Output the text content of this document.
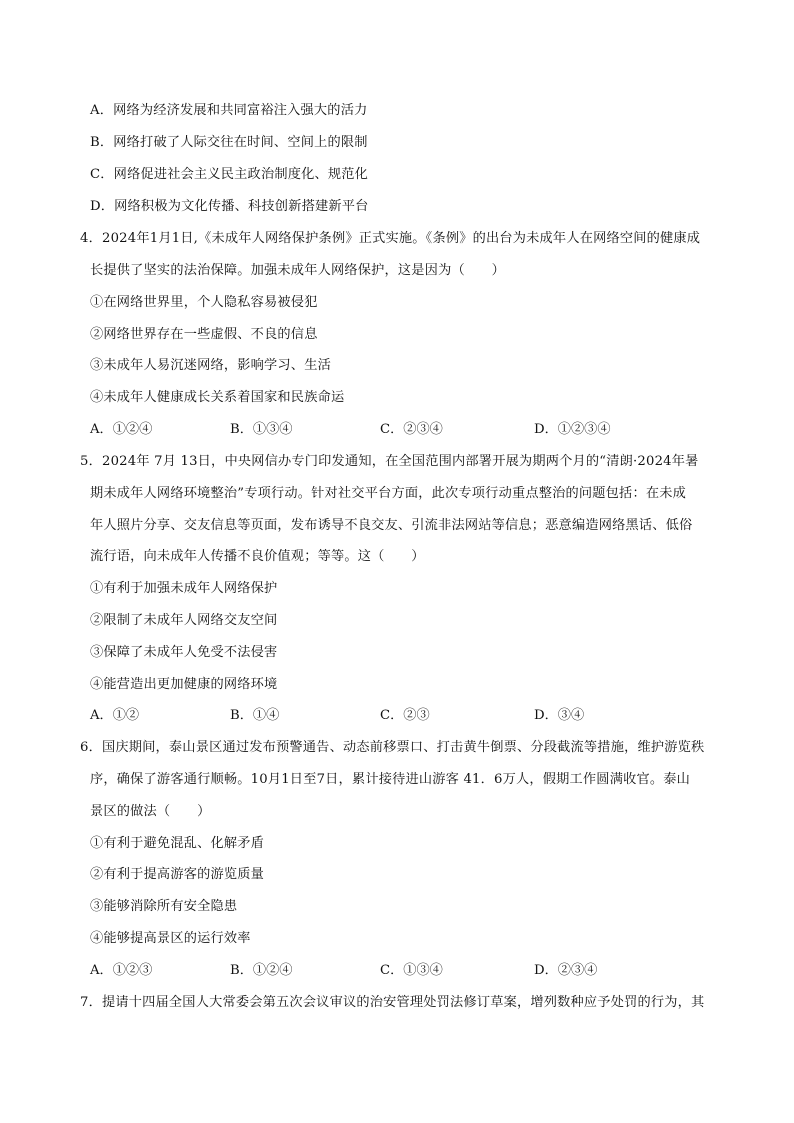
A．网络为经济发展和共同富裕注入强大的活力
B．网络打破了人际交往在时间、空间上的限制
C．网络促进社会主义民主政治制度化、规范化
D．网络积极为文化传播、科技创新搭建新平台
4．2024年1月1日,《未成年人网络保护条例》正式实施。《条例》的出台为未成年人在网络空间的健康成
长提供了坚实的法治保障。加强未成年人网络保护，这是因为（　　）
①在网络世界里，个人隐私容易被侵犯
②网络世界存在一些虚假、不良的信息
③未成年人易沉迷网络，影响学习、生活
④未成年人健康成长关系着国家和民族命运
A．①②④	B．①③④	C．②③④	D．①②③④
5．2024年 7月 13日，中央网信办专门印发通知，在全国范围内部署开展为期两个月的“清朗·2024年暑
期未成年人网络环境整治”专项行动。针对社交平台方面，此次专项行动重点整治的问题包括：在未成
年人照片分享、交友信息等页面，发布诱导不良交友、引流非法网站等信息；恶意编造网络黑话、低俗
流行语，向未成年人传播不良价值观；等等。这（　　）
①有利于加强未成年人网络保护
②限制了未成年人网络交友空间
③保障了未成年人免受不法侵害
④能营造出更加健康的网络环境
A．①②	B．①④	C．②③	D．③④
6．国庆期间，泰山景区通过发布预警通告、动态前移票口、打击黄牛倒票、分段截流等措施，维护游览秩
序，确保了游客通行顺畅。10月1日至7日，累计接待进山游客 41．6万人，假期工作圆满收官。泰山
景区的做法（　　）
①有利于避免混乱、化解矛盾
②有利于提高游客的游览质量
③能够消除所有安全隐患
④能够提高景区的运行效率
A．①②③	B．①②④	C．①③④	D．②③④
7．提请十四届全国人大常委会第五次会议审议的治安管理处罚法修订草案，增列数种应予处罚的行为，其
